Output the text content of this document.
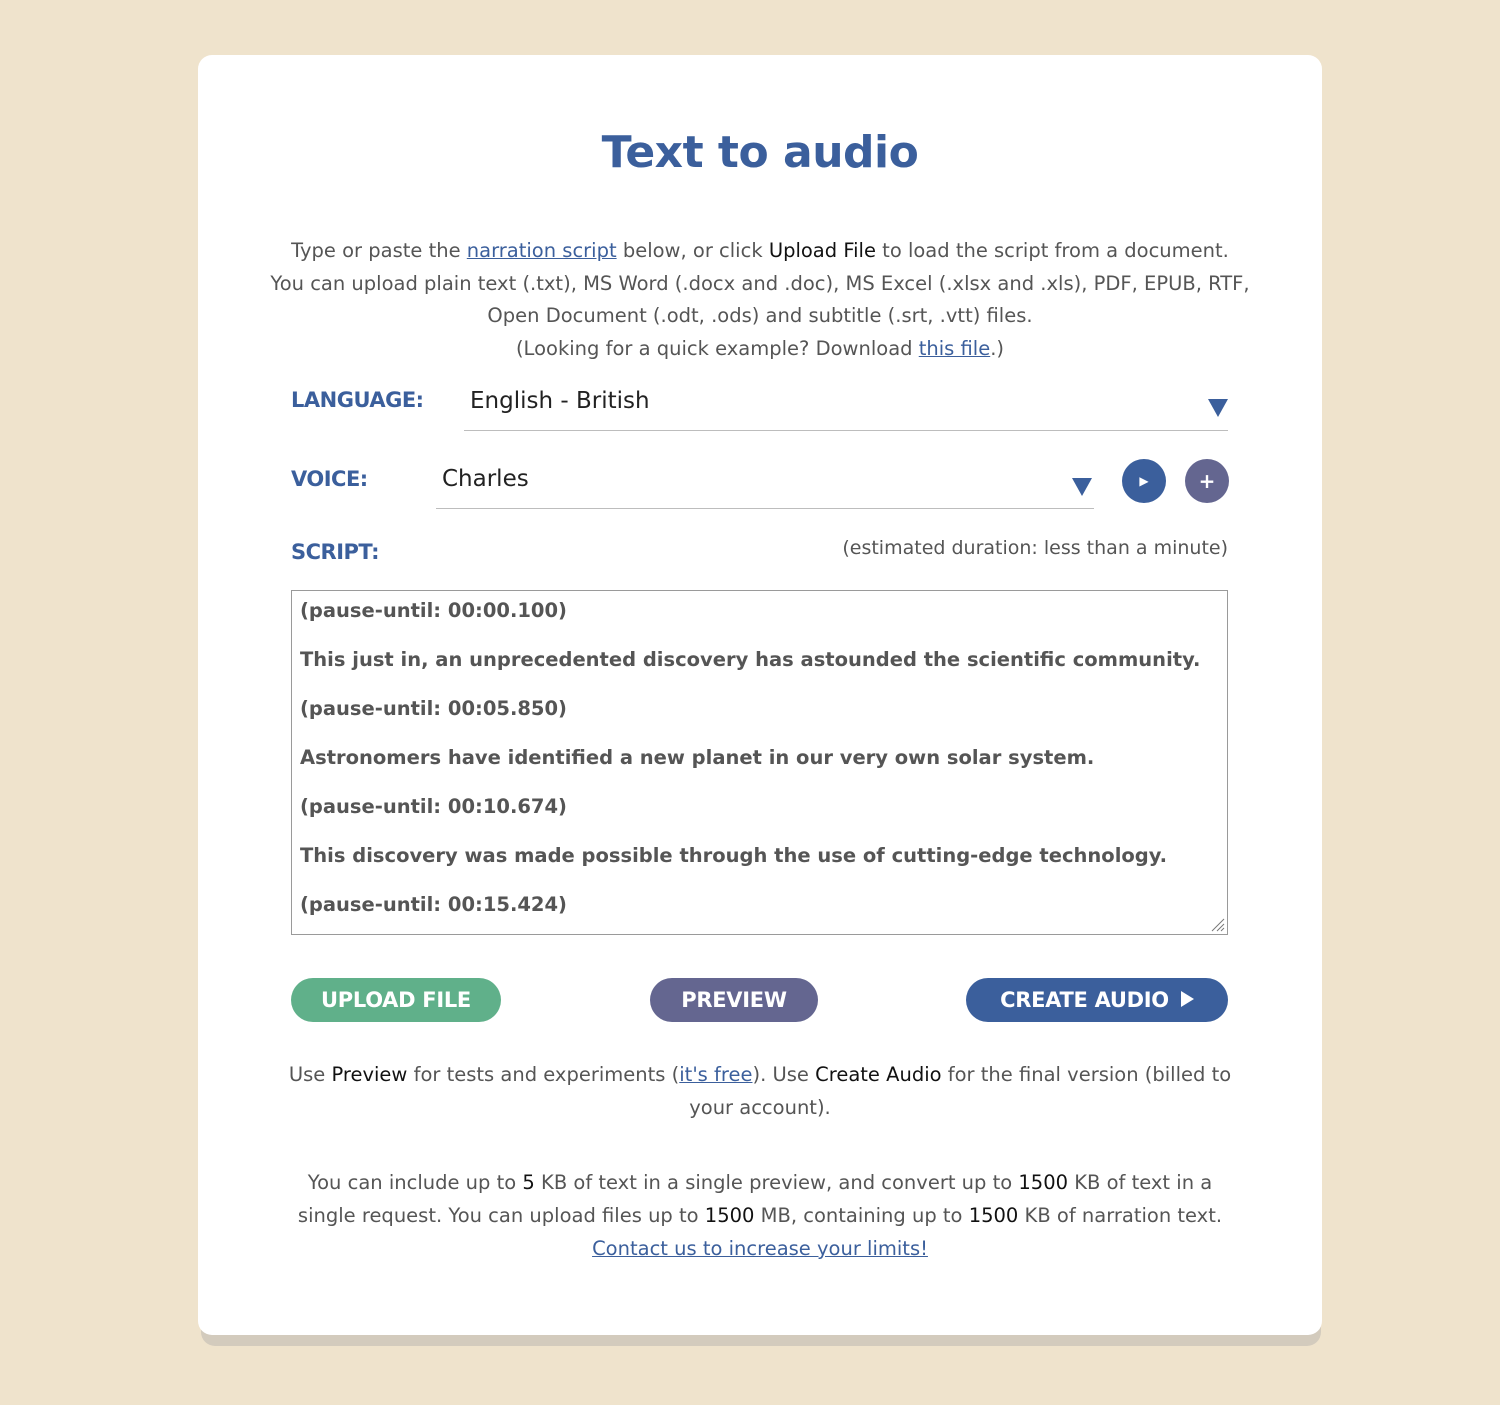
Text to audio
Type or paste the narration script below, or click Upload File to load the script from a document.
You can upload plain text (.txt), MS Word (.docx and .doc), MS Excel (.xlsx and .xls), PDF, EPUB, RTF,
Open Document (.odt, .ods) and subtitle (.srt, .vtt) files.
(Looking for a quick example? Download this file.)
LANGUAGE: English - British
VOICE:	Charles	▶	+
SCRIPT:	(estimated duration: less than a minute)
(pause-until: 00:00.100)
This just in, an unprecedented discovery has astounded the scientific community.
(pause-until: 00:05.850)
Astronomers have identified a new planet in our very own solar system.
(pause-until: 00:10.674)
This discovery was made possible through the use of cutting-edge technology.
(pause-until: 00:15.424)
UPLOAD FILE	PREVIEW	CREATE AUDIO
Use Preview for tests and experiments (it's free). Use Create Audio for the final version (billed to your account).
You can include up to 5 KB of text in a single preview, and convert up to 1500 KB of text in a single request. You can upload files up to 1500 MB, containing up to 1500 KB of narration text.
Contact us to increase your limits!
